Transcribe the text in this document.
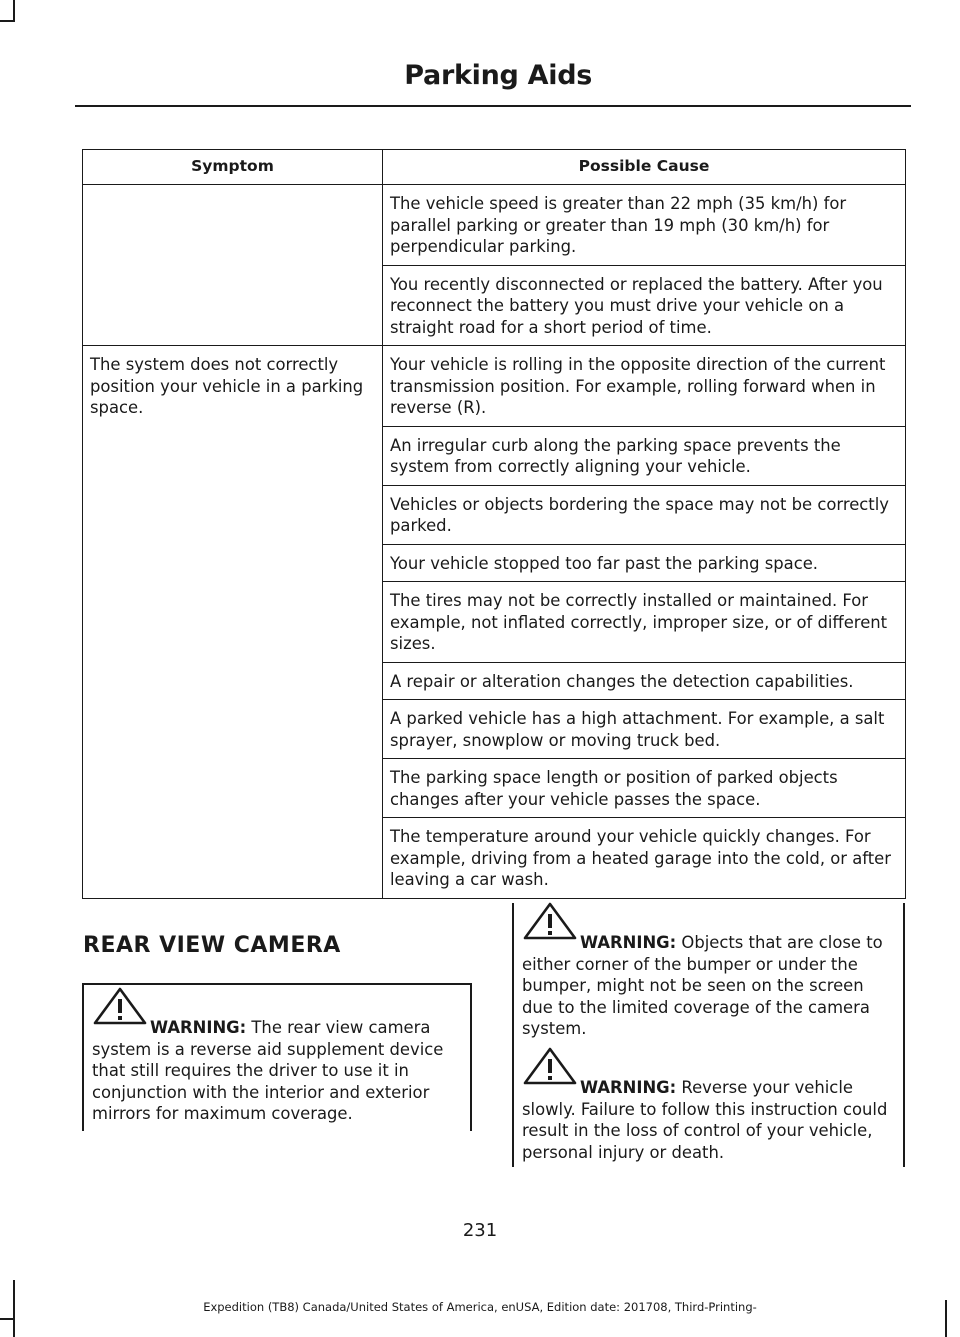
Parking Aids
Symptom	Possible Cause
	The vehicle speed is greater than 22 mph (35 km/h) for parallel parking or greater than 19 mph (30 km/h) for perpendicular parking.
	You recently disconnected or replaced the battery. After you reconnect the battery you must drive your vehicle on a straight road for a short period of time.
The system does not correctly position your vehicle in a parking space.	Your vehicle is rolling in the opposite direction of the current transmission position. For example, rolling forward when in reverse (R).
	An irregular curb along the parking space prevents the system from correctly aligning your vehicle.
	Vehicles or objects bordering the space may not be correctly parked.
	Your vehicle stopped too far past the parking space.
	The tires may not be correctly installed or maintained. For example, not inflated correctly, improper size, or of different sizes.
	A repair or alteration changes the detection capabilities.
	A parked vehicle has a high attachment. For example, a salt sprayer, snowplow or moving truck bed.
	The parking space length or position of parked objects changes after your vehicle passes the space.
	The temperature around your vehicle quickly changes. For example, driving from a heated garage into the cold, or after leaving a car wash.
REAR VIEW CAMERA
WARNING: The rear view camera system is a reverse aid supplement device that still requires the driver to use it in conjunction with the interior and exterior mirrors for maximum coverage.
WARNING: Objects that are close to either corner of the bumper or under the bumper, might not be seen on the screen due to the limited coverage of the camera system.
WARNING: Reverse your vehicle slowly. Failure to follow this instruction could result in the loss of control of your vehicle, personal injury or death.
231
Expedition (TB8) Canada/United States of America, enUSA, Edition date: 201708, Third-Printing-
